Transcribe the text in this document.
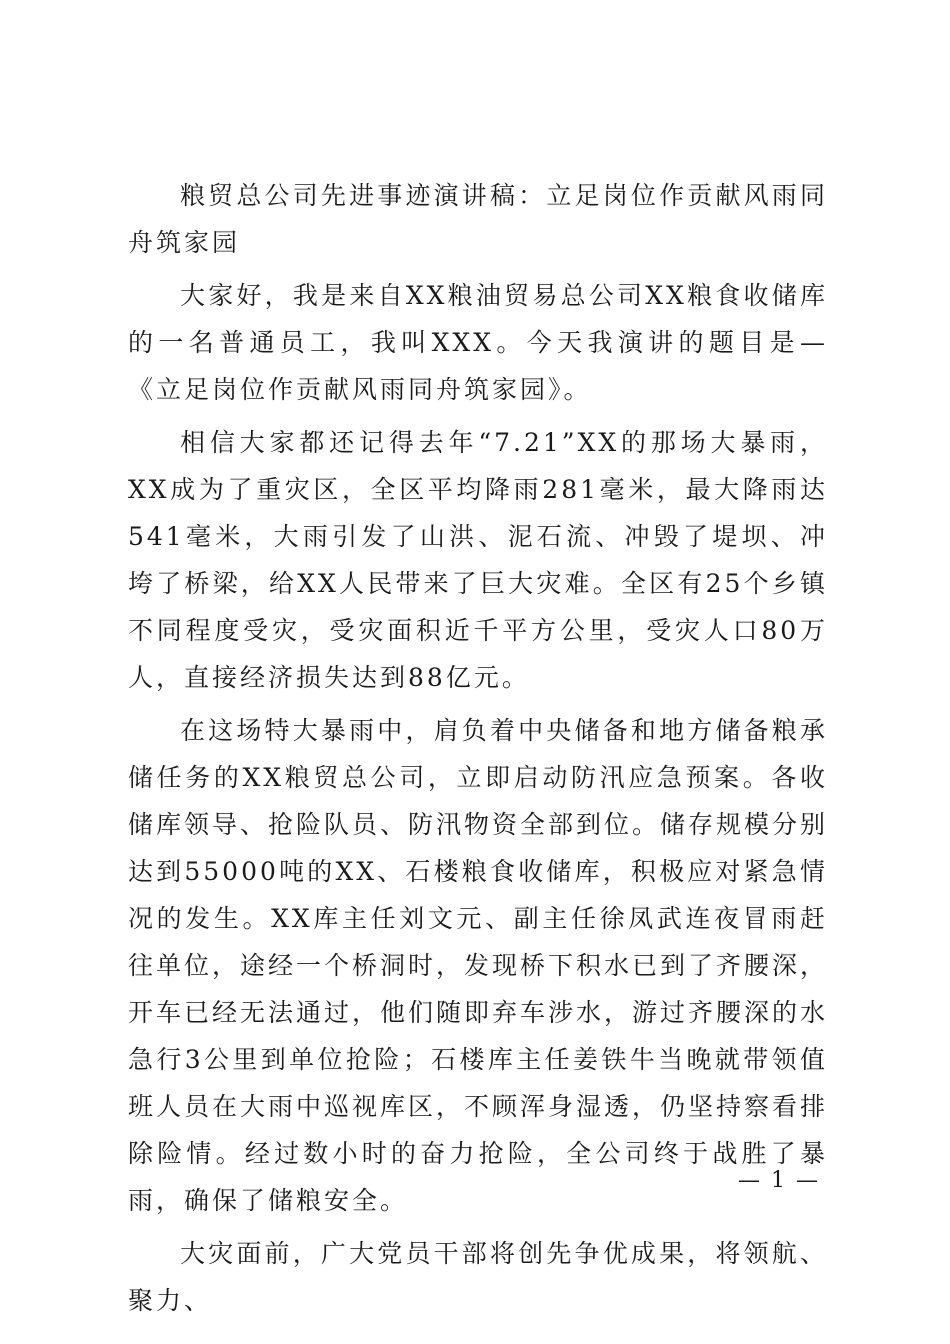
粮贸总公司先进事迹演讲稿：立足岗位作贡献风雨同舟筑家园

大家好，我是来自XX粮油贸易总公司XX粮食收储库的一名普通员工，我叫XXX。今天我演讲的题目是—《立足岗位作贡献风雨同舟筑家园》。

相信大家都还记得去年“7.21”XX的那场大暴雨，XX成为了重灾区，全区平均降雨281毫米，最大降雨达541毫米，大雨引发了山洪、泥石流、冲毁了堤坝、冲垮了桥梁，给XX人民带来了巨大灾难。全区有25个乡镇不同程度受灾，受灾面积近千平方公里，受灾人口80万人，直接经济损失达到88亿元。

在这场特大暴雨中，肩负着中央储备和地方储备粮承储任务的XX粮贸总公司，立即启动防汛应急预案。各收储库领导、抢险队员、防汛物资全部到位。储存规模分别达到55000吨的XX、石楼粮食收储库，积极应对紧急情况的发生。XX库主任刘文元、副主任徐凤武连夜冒雨赶往单位，途经一个桥洞时，发现桥下积水已到了齐腰深，开车已经无法通过，他们随即弃车涉水，游过齐腰深的水急行3公里到单位抢险；石楼库主任姜铁牛当晚就带领值班人员在大雨中巡视库区，不顾浑身湿透，仍坚持察看排除险情。经过数小时的奋力抢险，全公司终于战胜了暴雨，确保了储粮安全。

大灾面前，广大党员干部将创先争优成果，将领航、聚力、

— 1 —
